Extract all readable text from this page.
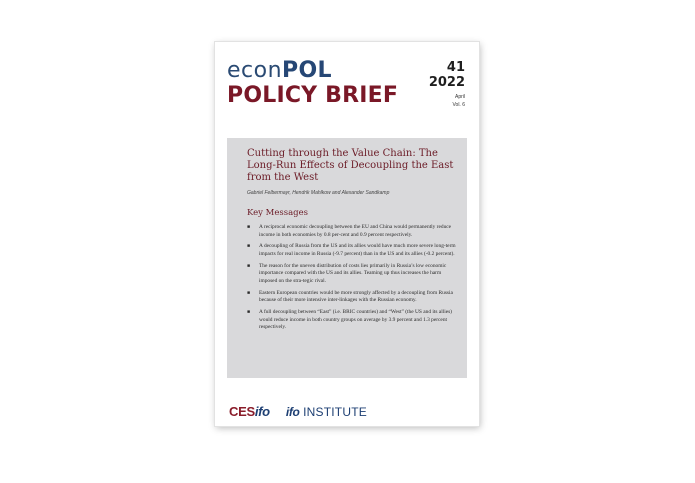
econPOL
POLICY BRIEF
41
2022
April
Vol. 6
Cutting through the Value Chain: The Long-Run Effects of Decoupling the East from the West

Gabriel Felbermayr, Hendrik Mahlkow and Alexander Sandkamp

Key Messages
■ A reciprocal economic decoupling between the EU and China would permanently reduce income in both economies by 0.8 per-cent and 0.9 percent respectively.
■ A decoupling of Russia from the US and its allies would have much more severe long-term impacts for real income in Russia (-9.7 percent) than in the US and its allies (-0.2 percent).
■ The reason for the uneven distribution of costs lies primarily in Russia’s low economic importance compared with the US and its allies. Teaming up thus increases the harm imposed on the stra-tegic rival.
■ Eastern European countries would be more strongly affected by a decoupling from Russia because of their more intensive inter-linkages with the Russian economy.
■ A full decoupling between “East” (i.e. BRIC countries) and “West” (the US and its allies) would reduce income in both country groups on average by 3.9 percent and 1.3 percent respectively.
CESifo ifo INSTITUTE
